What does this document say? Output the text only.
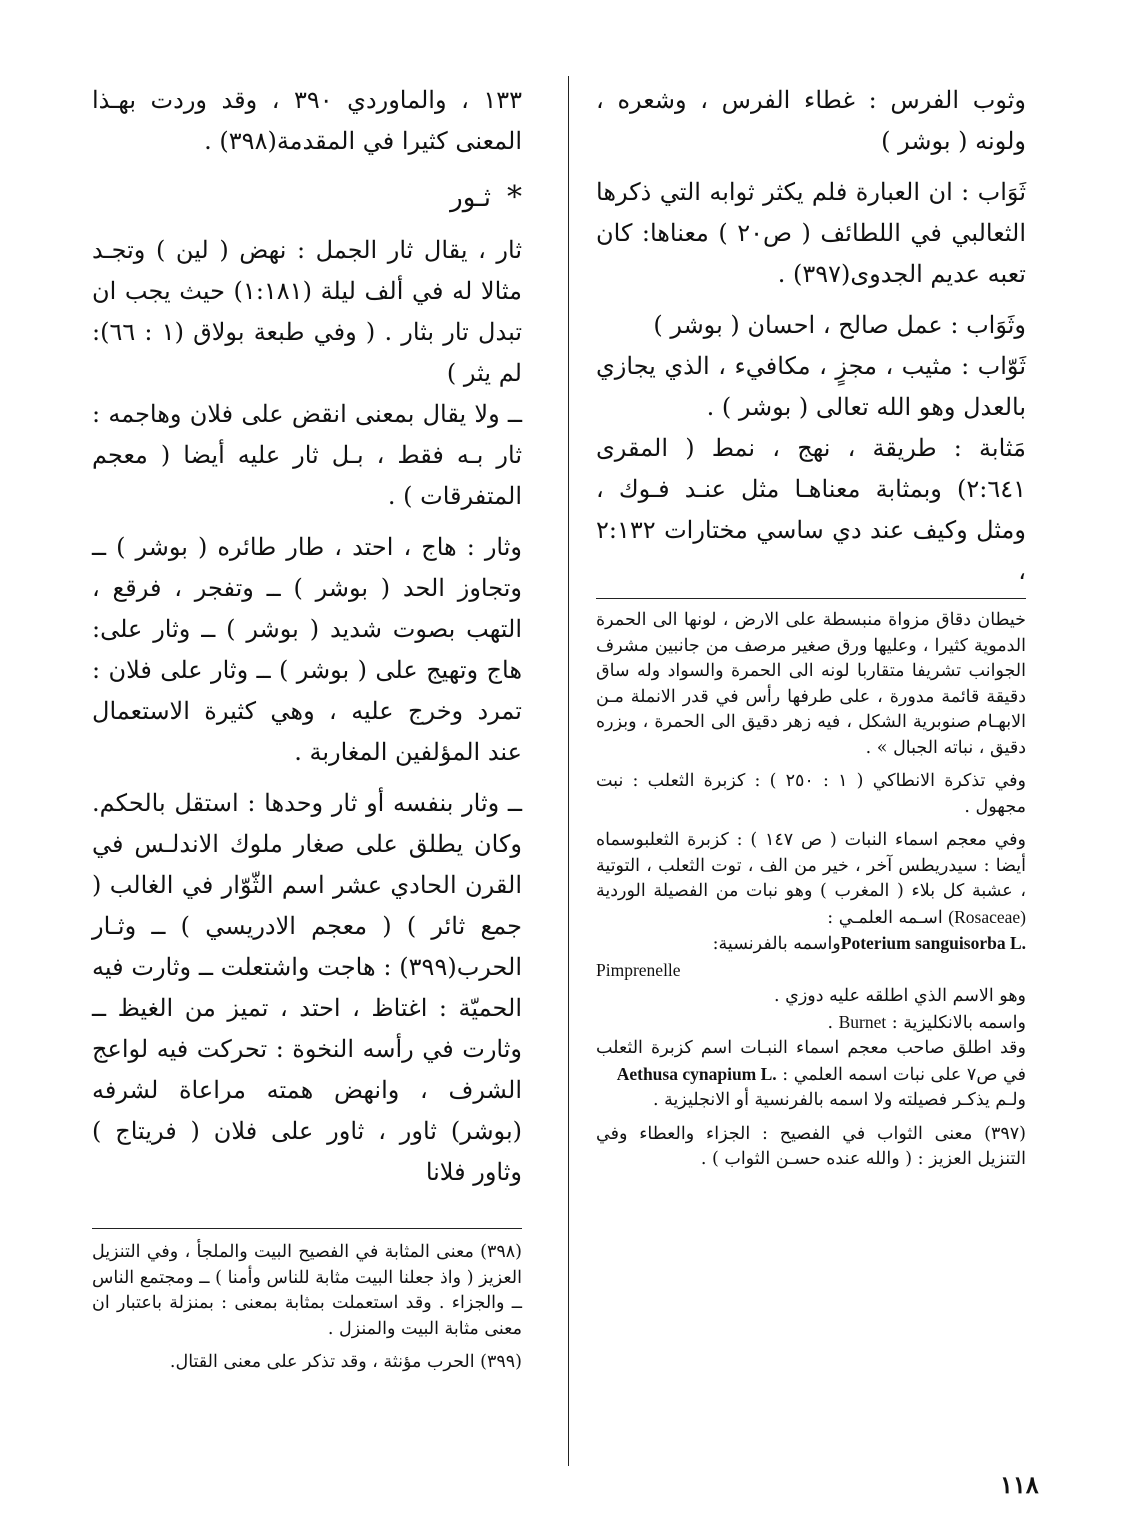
وثوب الفرس : غطاء الفرس ، وشعره ، ولونه ( بوشر )

ثَوَاب : ان العبارة فلم يكثر ثوابه التي ذكرها الثعالبي في اللطائف ( ص٢٠ ) معناها: كان تعبه عديم الجدوى(٣٩٧) .

وثَوَاب : عمل صالح ، احسان ( بوشر )

ثَوّاب : مثيب ، مجزٍ ، مكافيء ، الذي يجازي بالعدل وهو الله تعالى ( بوشر ) .

مَثابة : طريقة ، نهج ، نمط ( المقرى ٢:٦٤١) وبمثابة معناهـا مثل عنـد فـوك ، ومثل وكيف عند دي ساسي مختارات ٢:١٣٢ ،

خيطان دقاق مزواة منبسطة على الارض ، لونها الى الحمرة الدموية كثيرا ، وعليها ورق صغير مرصف من جانبين مشرف الجوانب تشريفا متقاربا لونه الى الحمرة والسواد وله ساق دقيقة قائمة مدورة ، على طرفها رأس في قدر الانملة مـن الابهـام صنوبرية الشكل ، فيه زهر دقيق الى الحمرة ، وبزره دقيق ، نباته الجبال » .

وفي تذكرة الانطاكي ( ١ : ٢٥٠ ) : كزبرة الثعلب : نبت مجهول .

وفي معجم اسماء النبات ( ص ١٤٧ ) : كزبرة الثعلبوسماه أيضا : سيدريطس آخر ، خير من الف ، توت الثعلب ، التوتية ، عشبة كل بلاء ( المغرب ) وهو نبات من الفصيلة الوردية (Rosaceae) اسـمه العلمـي :

Poterium sanguisorba L.واسمه بالفرنسية:

Pimprenelle

وهو الاسم الذي اطلقه عليه دوزي .

واسمه بالانكليزية : Burnet .

وقد اطلق صاحب معجم اسماء النبـات اسم كزبرة الثعلب في ص٧ على نبات اسمه العلمي : Aethusa cynapium L.

ولـم يذكـر فصيلته ولا اسمه بالفرنسية أو الانجليزية .

(٣٩٧) معنى الثواب في الفصيح : الجزاء والعطاء وفي التنزيل العزيز : ( والله عنده حسـن الثواب ) .

١٣٣ ، والماوردي ٣٩٠ ، وقد وردت بهـذا المعنى كثيرا في المقدمة(٣٩٨) .

*
ثـور

ثار ، يقال ثار الجمل : نهض ( لين ) وتجـد مثالا له في ألف ليلة (١:١٨١) حيث يجب ان تبدل تار بثار . ( وفي طبعة بولاق (١ : ٦٦): لم يثر )

ــ ولا يقال بمعنى انقض على فلان وهاجمه : ثار بـه فقط ، بـل ثار عليه أيضا ( معجم المتفرقات ) .

وثار : هاج ، احتد ، طار طائره ( بوشر ) ــ وتجاوز الحد ( بوشر ) ــ وتفجر ، فرقع ، التهب بصوت شديد ( بوشر ) ــ وثار على: هاج وتهيج على ( بوشر ) ــ وثار على فلان : تمرد وخرج عليه ، وهي كثيرة الاستعمال عند المؤلفين المغاربة .

ــ وثار بنفسه أو ثار وحدها : استقل بالحكم. وكان يطلق على صغار ملوك الاندلـس في القرن الحادي عشر اسم الثّوّار في الغالب ( جمع ثائر ) ( معجم الادريسي ) ــ وثـار الحرب(٣٩٩) : هاجت واشتعلت ــ وثارت فيه الحميّة : اغتاظ ، احتد ، تميز من الغيظ ــ وثارت في رأسه النخوة : تحركت فيه لواعج الشرف ، وانهض همته مراعاة لشرفه (بوشر) ثاور ، ثاور على فلان ( فريتاج ) وثاور فلانا

(٣٩٨) معنى المثابة في الفصيح البيت والملجأ ، وفي التنزيل العزيز ( واذ جعلنا البيت مثابة للناس وأمنا ) ــ ومجتمع الناس ــ والجزاء . وقد استعملت بمثابة بمعنى : بمنزلة باعتبار ان معنى مثابة البيت والمنزل .

(٣٩٩) الحرب مؤنثة ، وقد تذكر على معنى القتال.

١١٨
